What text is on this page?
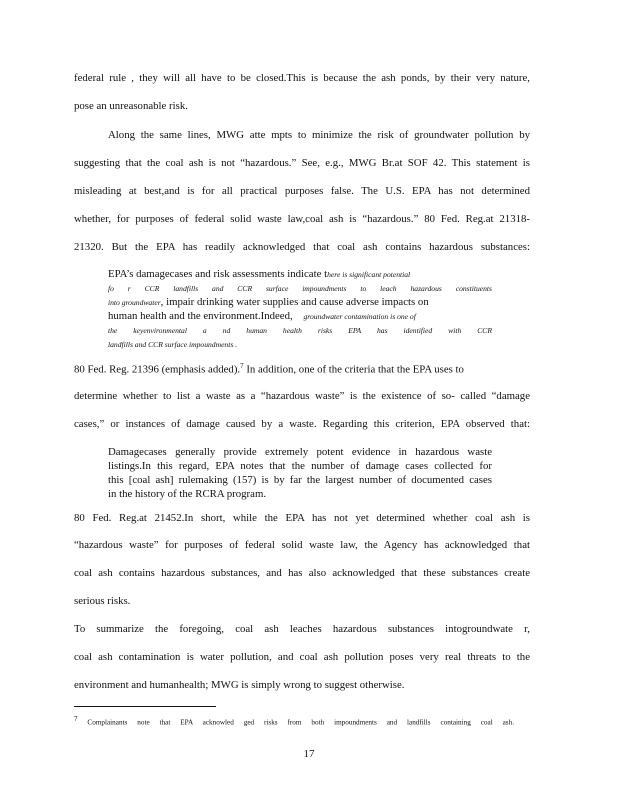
federal rule , they will all have to be closed.This is because the ash ponds, by their very nature,
pose an unreasonable risk.
Along the same lines, MWG atte mpts to minimize the risk of groundwater pollution by
suggesting that the coal ash is not “hazardous.” See, e.g., MWG Br.at SOF 42. This statement is
misleading at best,and is for all practical purposes false. The U.S. EPA has not determined
whether, for purposes of federal solid waste law,coal ash is “hazardous.” 80 Fed. Reg.at 21318-
21320. But the EPA has readily acknowledged that coal ash contains hazardous substances:
EPA’s damagecases and risk assessments indicate there is significant potential
fo r CCR landfills and CCR surface impoundments to leach hazardous constituents
into groundwater, impair drinking water supplies and cause adverse impacts on
human health and the environment.Indeed, groundwater contamination is one of
the keyenvironmental a nd human health risks EPA has identified with CCR
landfills and CCR surface impoundments .
80 Fed. Reg. 21396 (emphasis added).$^7$ In addition, one of the criteria that the EPA uses to
determine whether to list a waste as a “hazardous waste” is the existence of so- called “damage
cases,” or instances of damage caused by a waste. Regarding this criterion, EPA observed that:
Damagecases generally provide extremely potent evidence in hazardous waste
listings.In this regard, EPA notes that the number of damage cases collected for
this [coal ash] rulemaking (157) is by far the largest number of documented cases
in the history of the RCRA program.
80 Fed. Reg.at 21452.In short, while the EPA has not yet determined whether coal ash is
“hazardous waste” for purposes of federal solid waste law, the Agency has acknowledged that
coal ash contains hazardous substances, and has also acknowledged that these substances create
serious risks.
To summarize the foregoing, coal ash leaches hazardous substances intogroundwate r,
coal ash contamination is water pollution, and coal ash pollution poses very real threats to the
environment and humanhealth; MWG is simply wrong to suggest otherwise.
$^7$ Complainants note that EPA acknowled ged risks from both impoundments and landfills containing coal ash.
17
